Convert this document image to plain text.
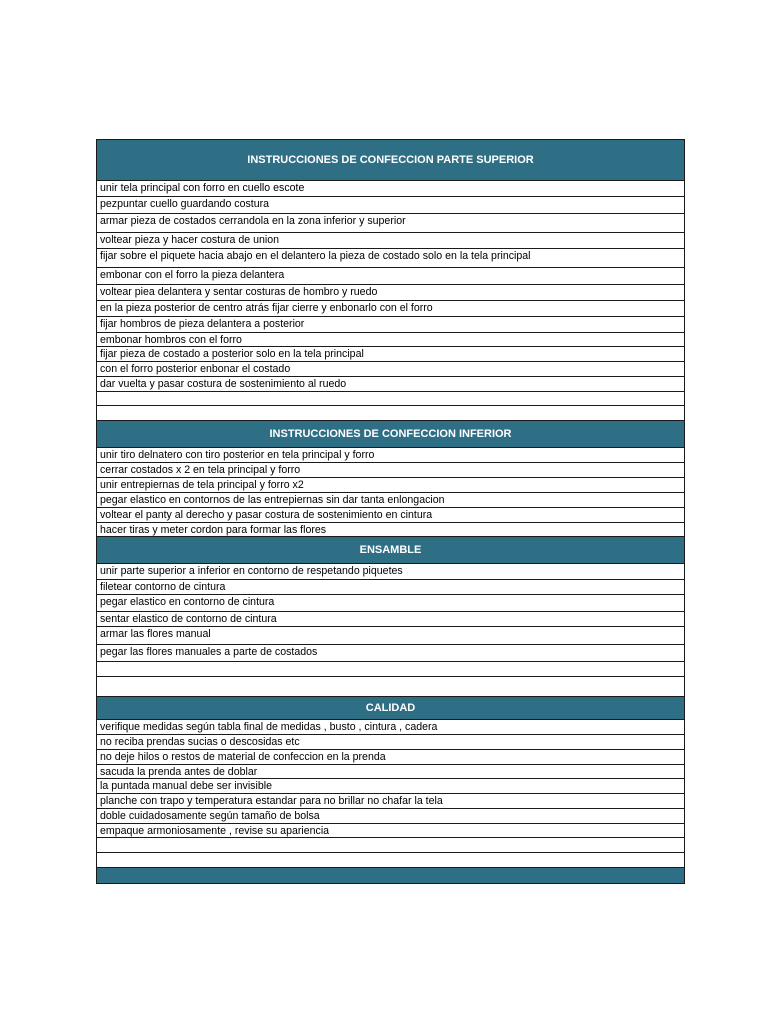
INSTRUCCIONES DE CONFECCION PARTE SUPERIOR
unir tela principal con forro en cuello escote
pezpuntar cuello guardando costura
armar pieza de costados cerrandola en la zona inferior y superior
voltear pieza y hacer costura de union
fijar sobre el piquete hacia abajo en el delantero la pieza de costado solo en la tela principal
embonar con el forro la pieza delantera
voltear piea delantera y sentar costuras de hombro y ruedo
en la pieza posterior de centro atrás fijar cierre y enbonarlo con el forro
fijar hombros de pieza delantera a posterior
embonar hombros con el forro
fijar pieza de costado a posterior solo en la tela principal
con el forro posterior enbonar el costado
dar vuelta y pasar costura de sostenimiento al ruedo
INSTRUCCIONES DE CONFECCION INFERIOR
unir tiro delnatero con tiro posterior en tela principal y forro
cerrar costados x 2 en tela principal y forro
unir entrepiernas de tela principal y forro x2
pegar elastico en contornos de las entrepiernas sin dar tanta enlongacion
voltear el panty al derecho y pasar costura de sostenimiento en cintura
hacer tiras y meter cordon para formar las flores
ENSAMBLE
unir parte superior a inferior en contorno de respetando piquetes
filetear contorno de cintura
pegar elastico en contorno de cintura
sentar elastico de contorno de cintura
armar las flores manual
pegar las flores manuales a parte de costados
CALIDAD
verifique medidas según tabla final de medidas , busto , cintura , cadera
no reciba prendas sucias o descosidas etc
no deje hilos o restos de material de confeccion en la prenda
sacuda la prenda antes de doblar
la puntada manual debe ser invisible
planche con trapo y temperatura estandar para no brillar no chafar la tela
doble cuidadosamente según tamaño de bolsa
empaque armoniosamente , revise su apariencia
